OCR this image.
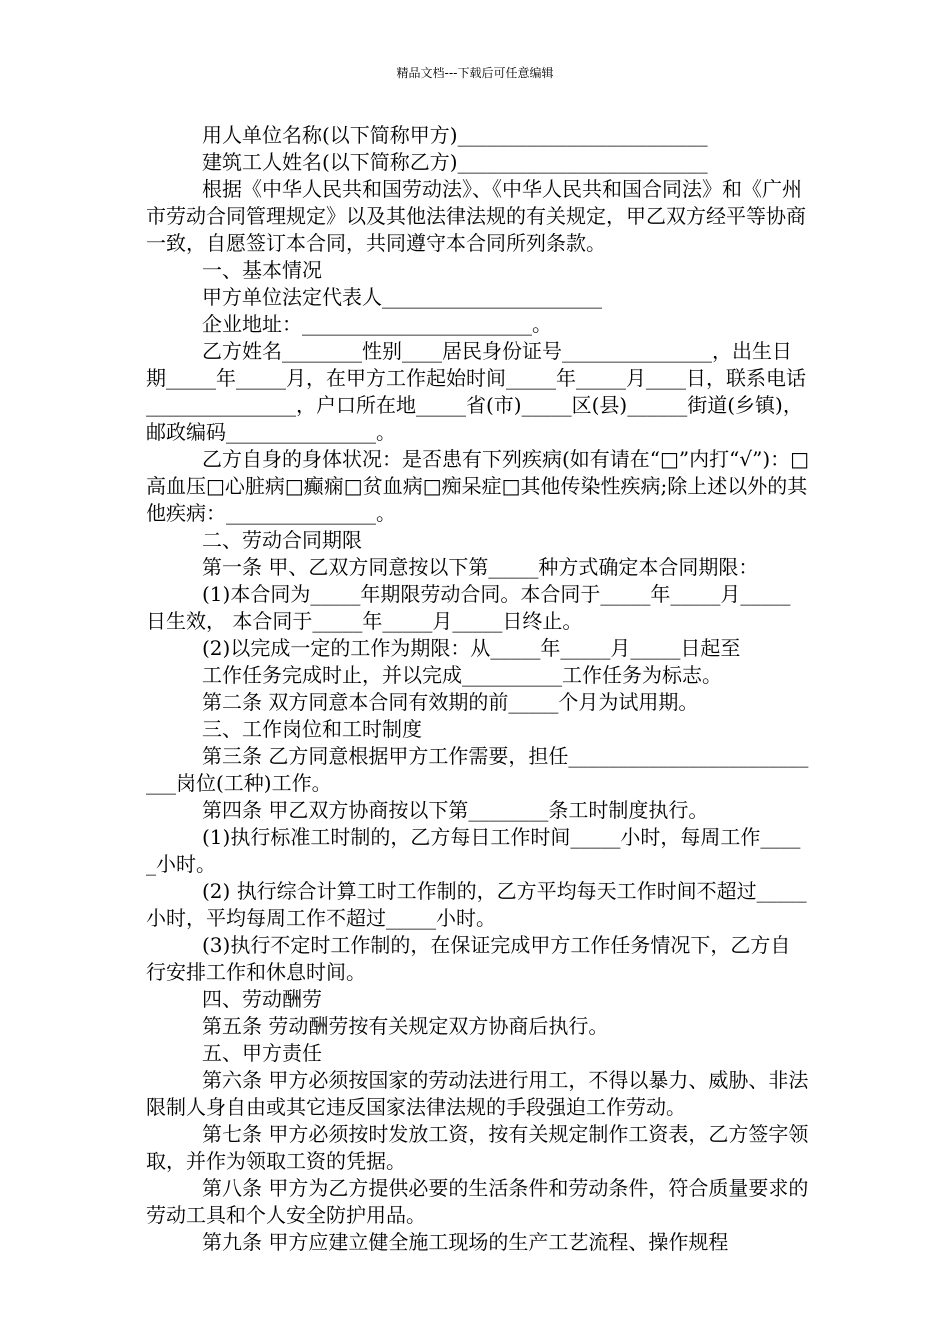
精品文档---下载后可任意编辑

用人单位名称(以下简称甲方)_________________________

建筑工人姓名(以下简称乙方)_________________________

根据《中华人民共和国劳动法》、《中华人民共和国合同法》和《广州市劳动合同管理规定》以及其他法律法规的有关规定，甲乙双方经平等协商一致，自愿签订本合同，共同遵守本合同所列条款。

一、基本情况

甲方单位法定代表人______________________

企业地址：_______________________。

乙方姓名________性别____居民身份证号_______________，出生日期_____年_____月，在甲方工作起始时间_____年_____月____日，联系电话_______________，户口所在地_____省(市)_____区(县)______街道(乡镇)，邮政编码_______________。

乙方自身的身体状况：是否患有下列疾病(如有请在“□”内打“√”)：□高血压□心脏病□癫痫□贫血病□痴呆症□其他传染性疾病;除上述以外的其他疾病：_______________。

二、劳动合同期限

第一条 甲、乙双方同意按以下第_____种方式确定本合同期限：

(1)本合同为_____年期限劳动合同。本合同于_____年_____月_____日生效， 本合同于_____年_____月_____日终止。

(2)以完成一定的工作为期限：从_____年_____月_____日起至

工作任务完成时止，并以完成__________工作任务为标志。

第二条 双方同意本合同有效期的前_____个月为试用期。

三、工作岗位和工时制度

第三条 乙方同意根据甲方工作需要，担任___________________________岗位(工种)工作。

第四条 甲乙双方协商按以下第________条工时制度执行。

(1)执行标准工时制的，乙方每日工作时间_____小时，每周工作_____小时。

(2) 执行综合计算工时工作制的，乙方平均每天工作时间不超过_____小时，平均每周工作不超过_____小时。

(3)执行不定时工作制的，在保证完成甲方工作任务情况下，乙方自行安排工作和休息时间。

四、劳动酬劳

第五条 劳动酬劳按有关规定双方协商后执行。

五、甲方责任

第六条 甲方必须按国家的劳动法进行用工，不得以暴力、威胁、非法限制人身自由或其它违反国家法律法规的手段强迫工作劳动。

第七条 甲方必须按时发放工资，按有关规定制作工资表，乙方签字领取，并作为领取工资的凭据。

第八条 甲方为乙方提供必要的生活条件和劳动条件，符合质量要求的劳动工具和个人安全防护用品。

第九条 甲方应建立健全施工现场的生产工艺流程、操作规程
